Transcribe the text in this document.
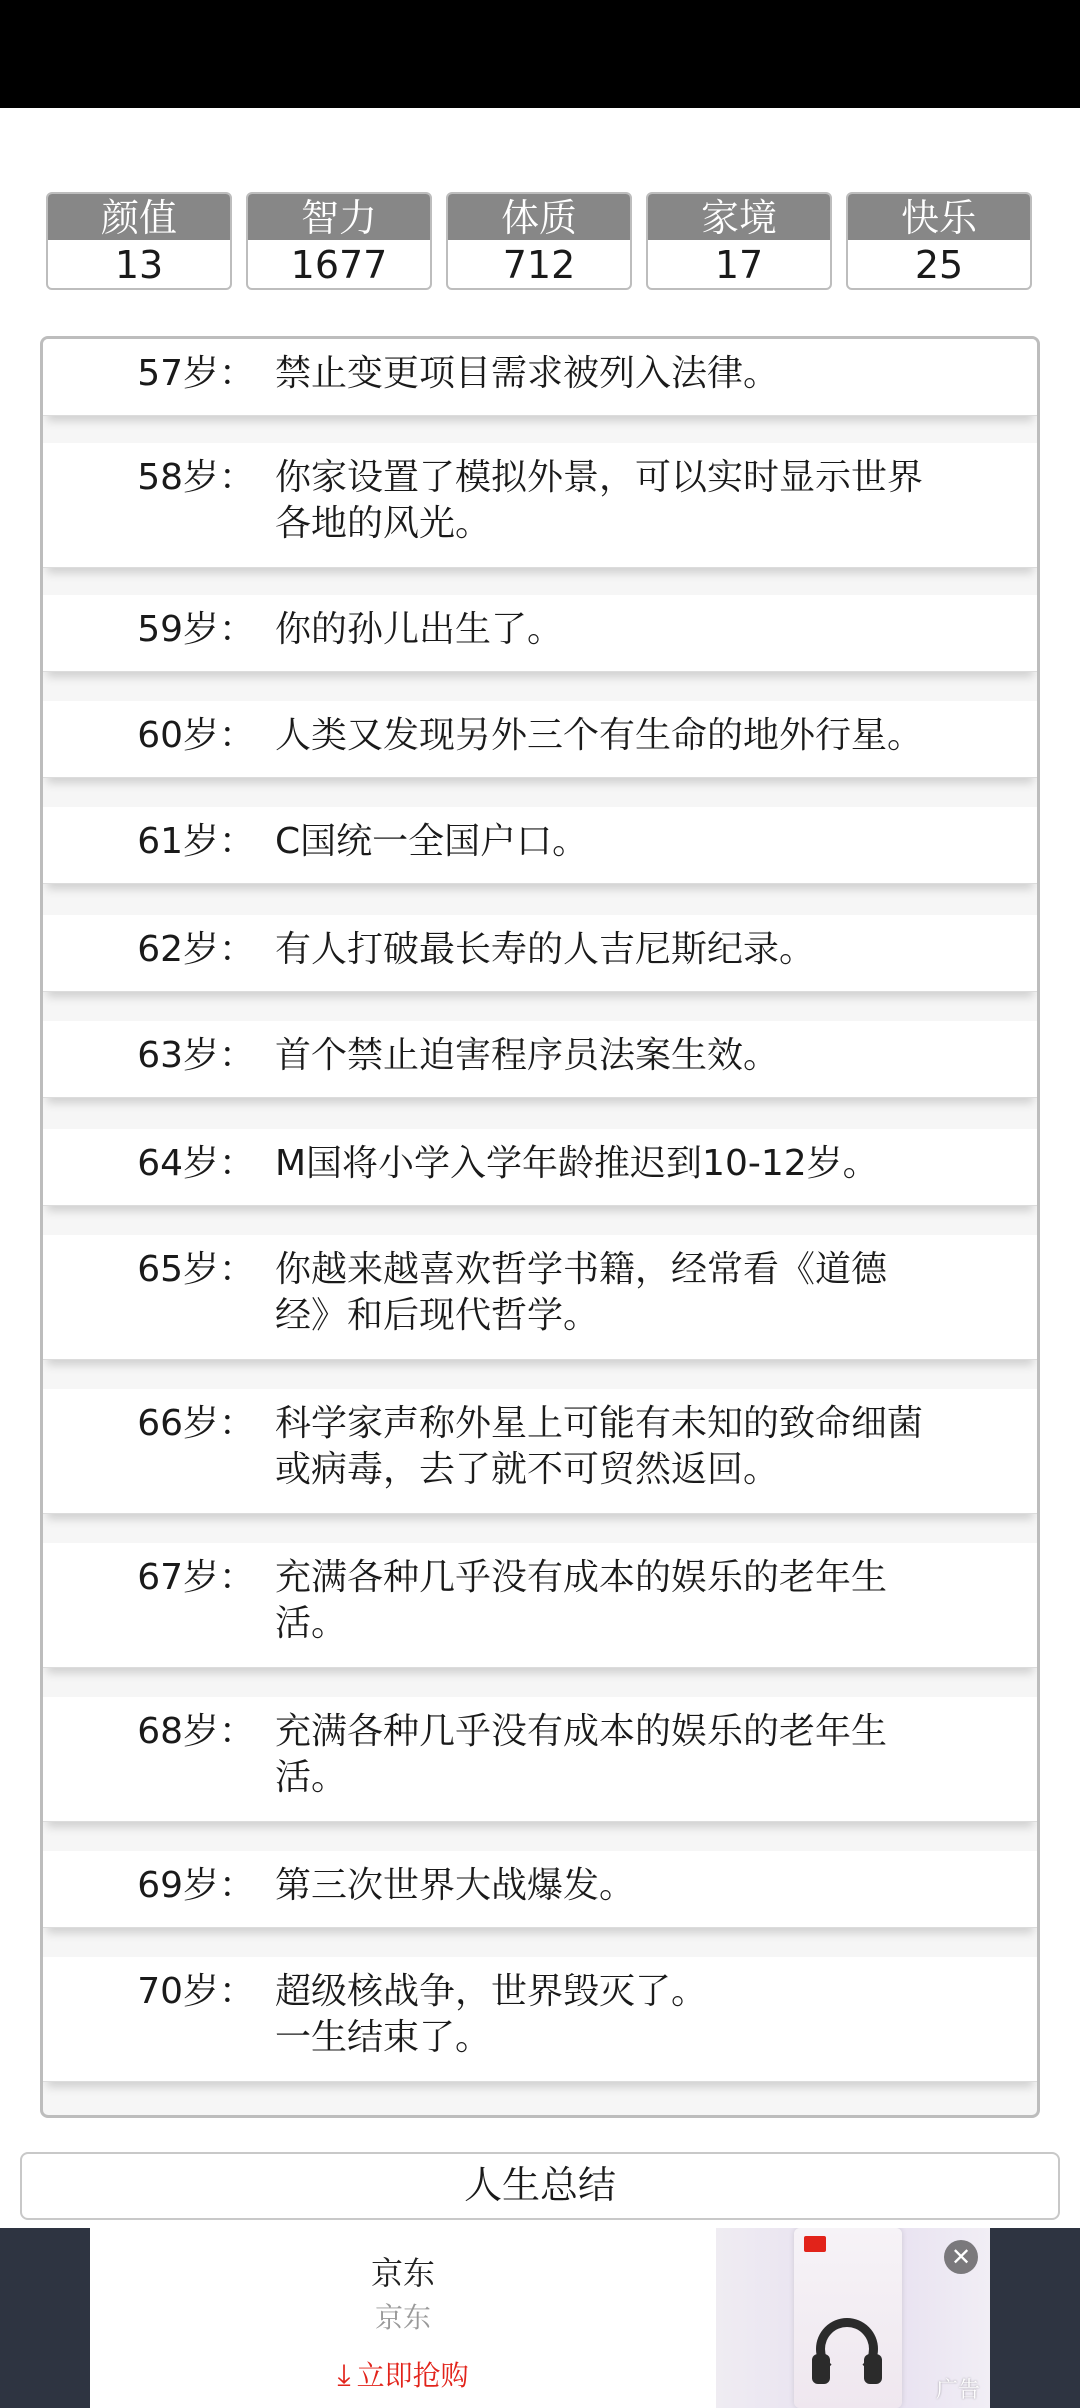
颜值
13
智力
1677
体质
712
家境
17
快乐
25
57岁： 禁止变更项目需求被列入法律。
58岁： 你家设置了模拟外景，可以实时显示世界
各地的风光。
59岁： 你的孙儿出生了。
60岁： 人类又发现另外三个有生命的地外行星。
61岁： C国统一全国户口。
62岁： 有人打破最长寿的人吉尼斯纪录。
63岁： 首个禁止迫害程序员法案生效。
64岁： M国将小学入学年龄推迟到10-12岁。
65岁： 你越来越喜欢哲学书籍，经常看《道德
经》和后现代哲学。
66岁： 科学家声称外星上可能有未知的致命细菌
或病毒，去了就不可贸然返回。
67岁： 充满各种几乎没有成本的娱乐的老年生
活。
68岁： 充满各种几乎没有成本的娱乐的老年生
活。
69岁： 第三次世界大战爆发。
70岁： 超级核战争，世界毁灭了。
一生结束了。
人生总结
京东
京东
⤓ 立即抢购
✕
广告
